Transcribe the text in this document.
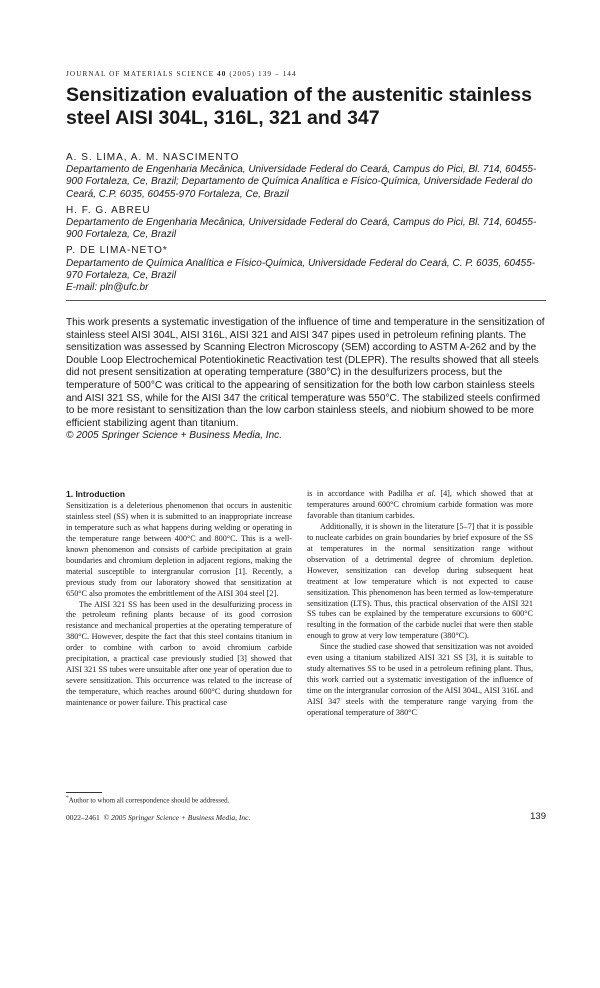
JOURNAL OF MATERIALS SCIENCE 40 (2005) 139 – 144
Sensitization evaluation of the austenitic stainless steel AISI 304L, 316L, 321 and 347
A. S. LIMA, A. M. NASCIMENTO
Departamento de Engenharia Mecânica, Universidade Federal do Ceará, Campus do Pici, Bl. 714, 60455-900 Fortaleza, Ce, Brazil; Departamento de Química Analítica e Físico-Química, Universidade Federal do Ceará, C.P. 6035, 60455-970 Fortaleza, Ce, Brazil
H. F. G. ABREU
Departamento de Engenharia Mecânica, Universidade Federal do Ceará, Campus do Pici, Bl. 714, 60455-900 Fortaleza, Ce, Brazil
P. DE LIMA-NETO*
Departamento de Química Analítica e Físico-Química, Universidade Federal do Ceará, C. P. 6035, 60455-970 Fortaleza, Ce, Brazil
E-mail: pln@ufc.br
This work presents a systematic investigation of the influence of time and temperature in the sensitization of stainless steel AISI 304L, AISI 316L, AISI 321 and AISI 347 pipes used in petroleum refining plants. The sensitization was assessed by Scanning Electron Microscopy (SEM) according to ASTM A-262 and by the Double Loop Electrochemical Potentiokinetic Reactivation test (DLEPR). The results showed that all steels did not present sensitization at operating temperature (380°C) in the desulfurizers process, but the temperature of 500°C was critical to the appearing of sensitization for the both low carbon stainless steels and AISI 321 SS, while for the AISI 347 the critical temperature was 550°C. The stabilized steels confirmed to be more resistant to sensitization than the low carbon stainless steels, and niobium showed to be more efficient stabilizing agent than titanium.
© 2005 Springer Science + Business Media, Inc.
1. Introduction

Sensitization is a deleterious phenomenon that occurs in austenitic stainless steel (SS) when it is submitted to an inappropriate increase in temperature such as what happens during welding or operating in the temperature range between 400°C and 800°C. This is a well-known phenomenon and consists of carbide precipitation at grain boundaries and chromium depletion in adjacent regions, making the material susceptible to intergranular corrosion [1]. Recently, a previous study from our laboratory showed that sensitization at 650°C also promotes the embrittlement of the AISI 304 steel [2].

The AISI 321 SS has been used in the desulfurizing process in the petroleum refining plants because of its good corrosion resistance and mechanical properties at the operating temperature of 380°C. However, despite the fact that this steel contains titanium in order to combine with carbon to avoid chromium carbide precipitation, a practical case previously studied [3] showed that AISI 321 SS tubes were unsuitable after one year of operation due to severe sensitization. This occurrence was related to the increase of the temperature, which reaches around 600°C during shutdown for maintenance or power failure. This practical case

is in accordance with Padilha et al. [4], which showed that at temperatures around 600°C chromium carbide formation was more favorable than titanium carbides.

Additionally, it is shown in the literature [5–7] that it is possible to nucleate carbides on grain boundaries by brief exposure of the SS at temperatures in the normal sensitization range without observation of a detrimental degree of chromium depletion. However, sensitization can develop during subsequent heat treatment at low temperature which is not expected to cause sensitization. This phenomenon has been termed as low-temperature sensitization (LTS). Thus, this practical observation of the AISI 321 SS tubes can be explained by the temperature excursions to 600°C resulting in the formation of the carbide nuclei that were then stable enough to grow at very low temperature (380°C).

Since the studied case showed that sensitization was not avoided even using a titanium stabilized AISI 321 SS [3], it is suitable to study alternatives SS to be used in a petroleum refining plant. Thus, this work carried out a systematic investigation of the influence of time on the intergranular corrosion of the AISI 304L, AISI 316L and AISI 347 steels with the temperature range varying from the operational temperature of 380°C

*Author to whom all correspondence should be addressed.
0022–2461 © 2005 Springer Science + Business Media, Inc.	139
